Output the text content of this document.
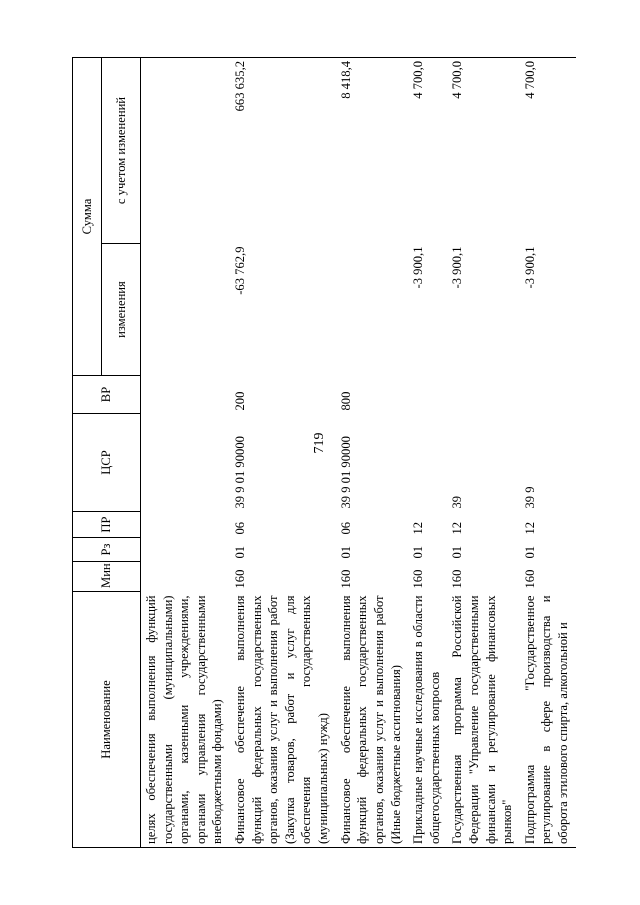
719
Наименование	Мин	Рз	ПР	ЦСР	ВР	Сумма	
						изменения	с учетом изменений
целях обеспечения выполнения функций государственными (муниципальными) органами, казенными учреждениями, органами управления государственными внебюджетными фондами)							
Финансовое обеспечение выполнения функций федеральных государственных органов, оказания услуг и выполнения работ (Закупка товаров, работ и услуг для обеспечения государственных (муниципальных) нужд)	160	01	06	39 9 01 90000	200	-63 762,9	663 635,2
Финансовое обеспечение выполнения функций федеральных государственных органов, оказания услуг и выполнения работ (Иные бюджетные ассигнования)	160	01	06	39 9 01 90000	800		8 418,4
Прикладные научные исследования в области общегосударственных вопросов	160	01	12			-3 900,1	4 700,0
Государственная программа Российской Федерации "Управление государственными финансами и регулирование финансовых рынков"	160	01	12	39		-3 900,1	4 700,0
Подпрограмма "Государственное регулирование в сфере производства и оборота этилового спирта, алкогольной и	160	01	12	39 9		-3 900,1	4 700,0
